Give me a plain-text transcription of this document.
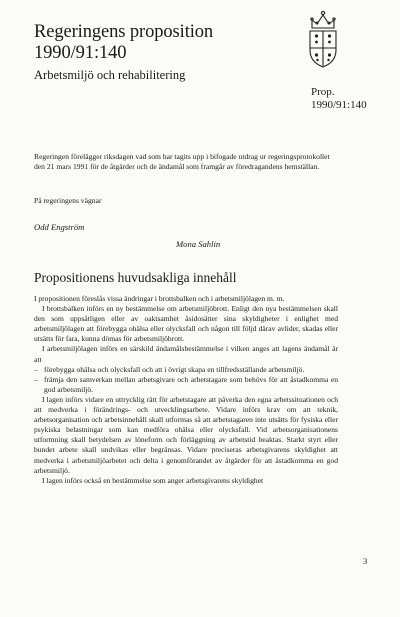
Regeringens proposition
1990/91:140
Arbetsmiljö och rehabilitering
Prop.
1990/91:140

Regeringen förelägger riksdagen vad som har tagits upp i bifogade utdrag ur regeringsprotokollet den 21 mars 1991 för de åtgärder och de ändamål som framgår av föredragandens hemställan.

På regeringens vägnar
Odd Engström
Mona Sahlin
Propositionens huvudsakliga innehåll

I propositionen föreslås vissa ändringar i brottsbalken och i arbetsmiljölagen m. m.

I brottsbalken införs en ny bestämmelse om arbetsmiljöbrott. Enligt den nya bestämmelsen skall den som uppsåtligen eller av oaktsamhet åsidosätter sina skyldigheter i enlighet med arbetsmiljölagen att förebygga ohälsa eller olycksfall och någon till följd därav avlider, skadas eller utsätts för fara, kunna dömas för arbetsmiljöbrott.

I arbetsmiljölagen införs en särskild ändamålsbestämmelse i vilken anges att lagens ändamål är att

– förebygga ohälsa och olycksfall och att i övrigt skapa en tillfredsställande arbetsmiljö.
– främja den samverkan mellan arbetsgivare och arbetstagare som behövs för att åstadkomma en god arbetsmiljö.

I lagen införs vidare en uttrycklig rätt för arbetstagare att påverka den egna arbetssituationen och att medverka i förändrings- och utvecklingsarbete. Vidare införs krav om att teknik, arbetsorganisation och arbetsinnehåll skall utformas så att arbetstagaren inte utsätts för fysiska eller psykiska belastningar som kan medföra ohälsa eller olycksfall. Vid arbetsorganisationens utformning skall betydelsen av löneform och förläggning av arbetstid beaktas. Starkt styrt eller bundet arbete skall undvikas eller begränsas. Vidare preciseras arbetsgivarens skyldighet att medverka i arbetsmiljöarbetet och delta i genomförandet av åtgärder för att åstadkomma en god arbetsmiljö.

I lagen införs också en bestämmelse som anger arbetsgivarens skyldighet

3
